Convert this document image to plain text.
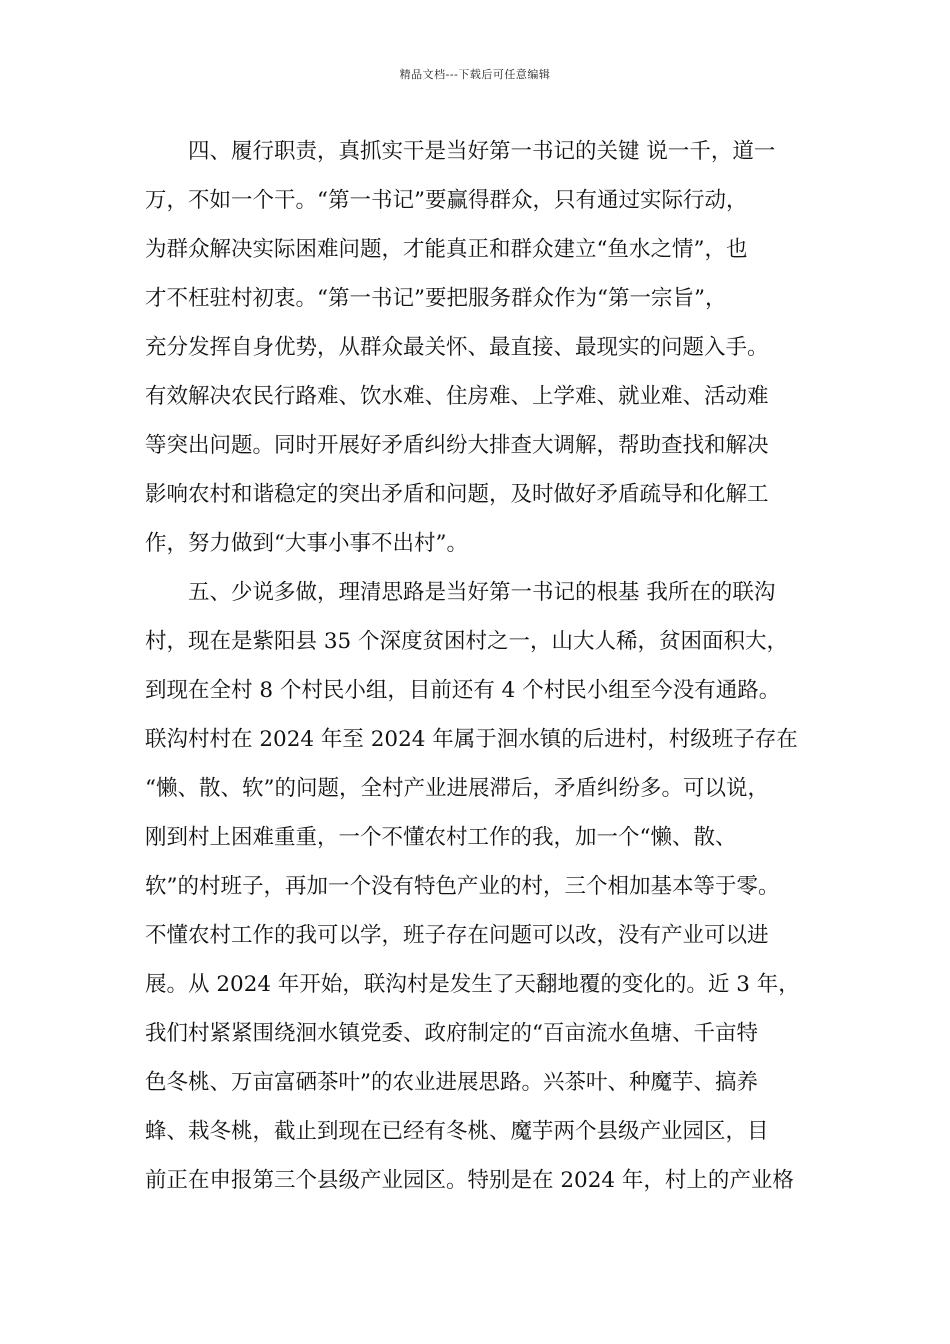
精品文档---下载后可任意编辑
四、履行职责，真抓实干是当好第一书记的关键 说一千，道一
万，不如一个干。“第一书记”要赢得群众，只有通过实际行动，
为群众解决实际困难问题，才能真正和群众建立“鱼水之情”，也
才不枉驻村初衷。“第一书记”要把服务群众作为“第一宗旨”，
充分发挥自身优势，从群众最关怀、最直接、最现实的问题入手。
有效解决农民行路难、饮水难、住房难、上学难、就业难、活动难
等突出问题。同时开展好矛盾纠纷大排查大调解，帮助查找和解决
影响农村和谐稳定的突出矛盾和问题，及时做好矛盾疏导和化解工
作，努力做到“大事小事不出村”。
五、少说多做，理清思路是当好第一书记的根基 我所在的联沟
村，现在是紫阳县 35 个深度贫困村之一，山大人稀，贫困面积大，
到现在全村 8 个村民小组，目前还有 4 个村民小组至今没有通路。
联沟村村在 2024 年至 2024 年属于洄水镇的后进村，村级班子存在
“懒、散、软”的问题，全村产业进展滞后，矛盾纠纷多。可以说，
刚到村上困难重重，一个不懂农村工作的我，加一个“懒、散、
软”的村班子，再加一个没有特色产业的村，三个相加基本等于零。
不懂农村工作的我可以学，班子存在问题可以改，没有产业可以进
展。从 2024 年开始，联沟村是发生了天翻地覆的变化的。近 3 年，
我们村紧紧围绕洄水镇党委、政府制定的“百亩流水鱼塘、千亩特
色冬桃、万亩富硒茶叶”的农业进展思路。兴茶叶、种魔芋、搞养
蜂、栽冬桃，截止到现在已经有冬桃、魔芋两个县级产业园区，目
前正在申报第三个县级产业园区。特别是在 2024 年，村上的产业格
